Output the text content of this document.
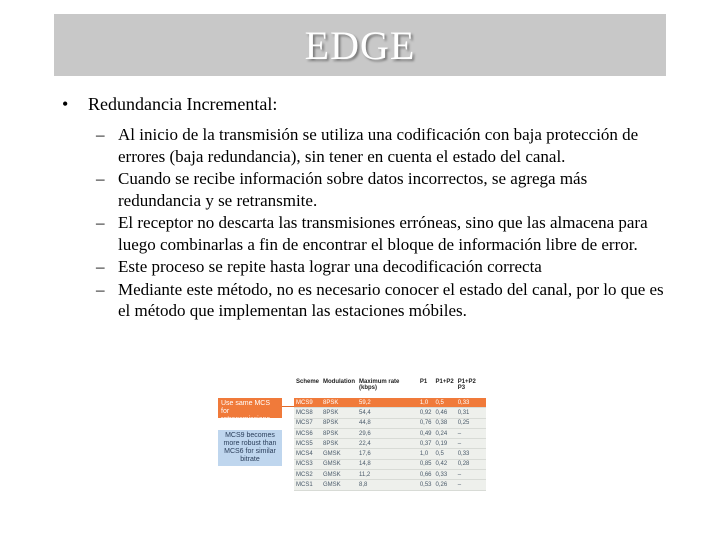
EDGE
•	Redundancia Incremental:
– Al inicio de la transmisión se utiliza una codificación con baja protección de errores (baja redundancia), sin tener en cuenta el estado del canal.
– Cuando se recibe información sobre datos incorrectos, se agrega más redundancia y se retransmite.
– El receptor no descarta las transmisiones erróneas, sino que las almacena para luego combinarlas a fin de encontrar el bloque de información libre de error.
– Este proceso se repite hasta lograr una decodificación correcta
– Mediante este método, no es necesario conocer el estado del canal, por lo que es el método que implementan las estaciones móbiles.
Use same MCS for retransmissions
MCS9 becomes more robust than MCS6 for similar bitrate
Scheme	Modulation	Maximum rate (kbps)	P1	P1+P2	P1+P2 P3
MCS9	8PSK	59,2	1,0	0,5	0,33
MCS8	8PSK	54,4	0,92	0,46	0,31
MCS7	8PSK	44,8	0,76	0,38	0,25
MCS6	8PSK	29,6	0,49	0,24	–
MCS5	8PSK	22,4	0,37	0,19	–
MCS4	GMSK	17,6	1,0	0,5	0,33
MCS3	GMSK	14,8	0,85	0,42	0,28
MCS2	GMSK	11,2	0,66	0,33	–
MCS1	GMSK	8,8	0,53	0,26	–
